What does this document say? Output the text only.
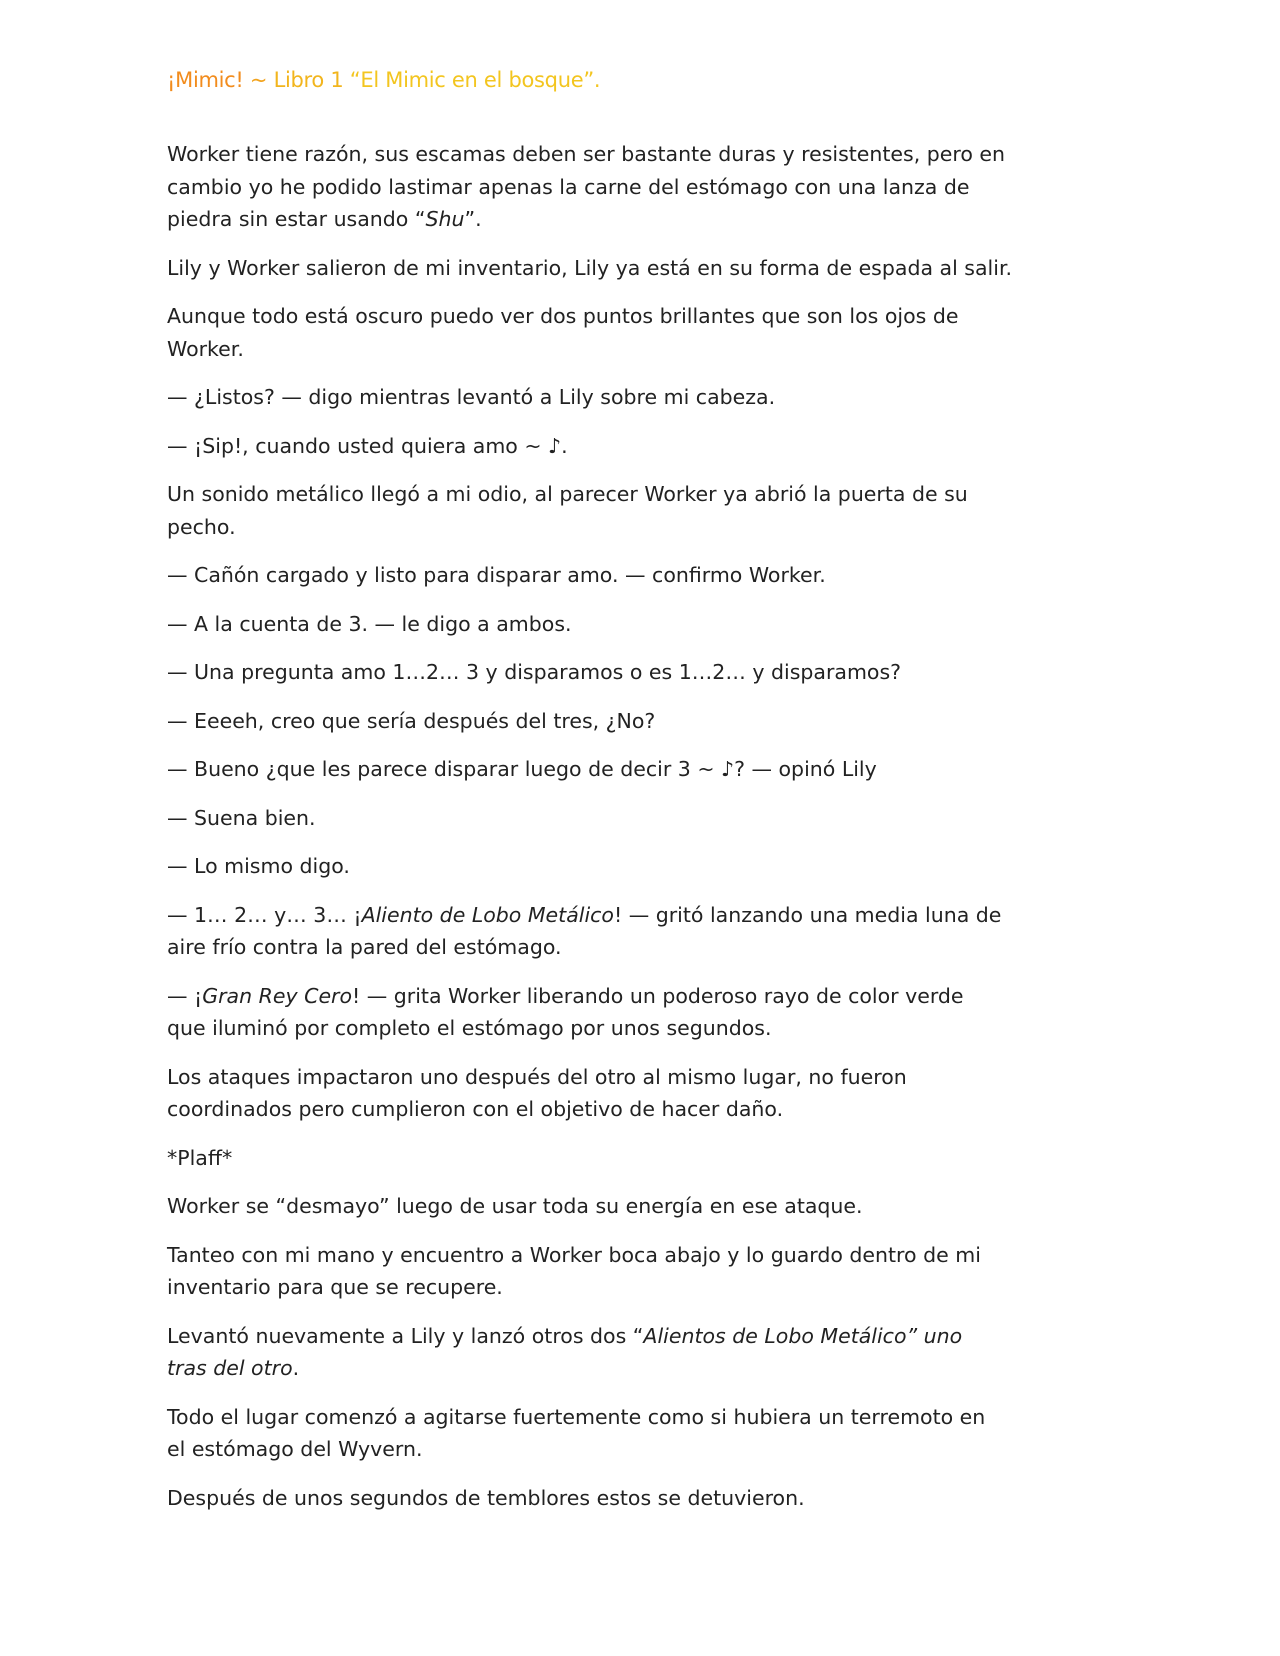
¡Mimic! ~ Libro 1 “El Mimic en el bosque”.

Worker tiene razón, sus escamas deben ser bastante duras y resistentes, pero en cambio yo he podido lastimar apenas la carne del estómago con una lanza de piedra sin estar usando “Shu”.

Lily y Worker salieron de mi inventario, Lily ya está en su forma de espada al salir.

Aunque todo está oscuro puedo ver dos puntos brillantes que son los ojos de Worker.

— ¿Listos? — digo mientras levantó a Lily sobre mi cabeza.

— ¡Sip!, cuando usted quiera amo ~ ♪.

Un sonido metálico llegó a mi odio, al parecer Worker ya abrió la puerta de su pecho.

— Cañón cargado y listo para disparar amo. — confirmo Worker.

— A la cuenta de 3. — le digo a ambos.

— Una pregunta amo 1…2… 3 y disparamos o es 1…2… y disparamos?

— Eeeeh, creo que sería después del tres, ¿No?

— Bueno ¿que les parece disparar luego de decir 3 ~ ♪? — opinó Lily

— Suena bien.

— Lo mismo digo.

— 1… 2… y… 3… ¡Aliento de Lobo Metálico! — gritó lanzando una media luna de aire frío contra la pared del estómago.

— ¡Gran Rey Cero! — grita Worker liberando un poderoso rayo de color verde que iluminó por completo el estómago por unos segundos.

Los ataques impactaron uno después del otro al mismo lugar, no fueron coordinados pero cumplieron con el objetivo de hacer daño.

*Plaff*

Worker se “desmayo” luego de usar toda su energía en ese ataque.

Tanteo con mi mano y encuentro a Worker boca abajo y lo guardo dentro de mi inventario para que se recupere.

Levantó nuevamente a Lily y lanzó otros dos “Alientos de Lobo Metálico” uno tras del otro.

Todo el lugar comenzó a agitarse fuertemente como si hubiera un terremoto en el estómago del Wyvern.

Después de unos segundos de temblores estos se detuvieron.
